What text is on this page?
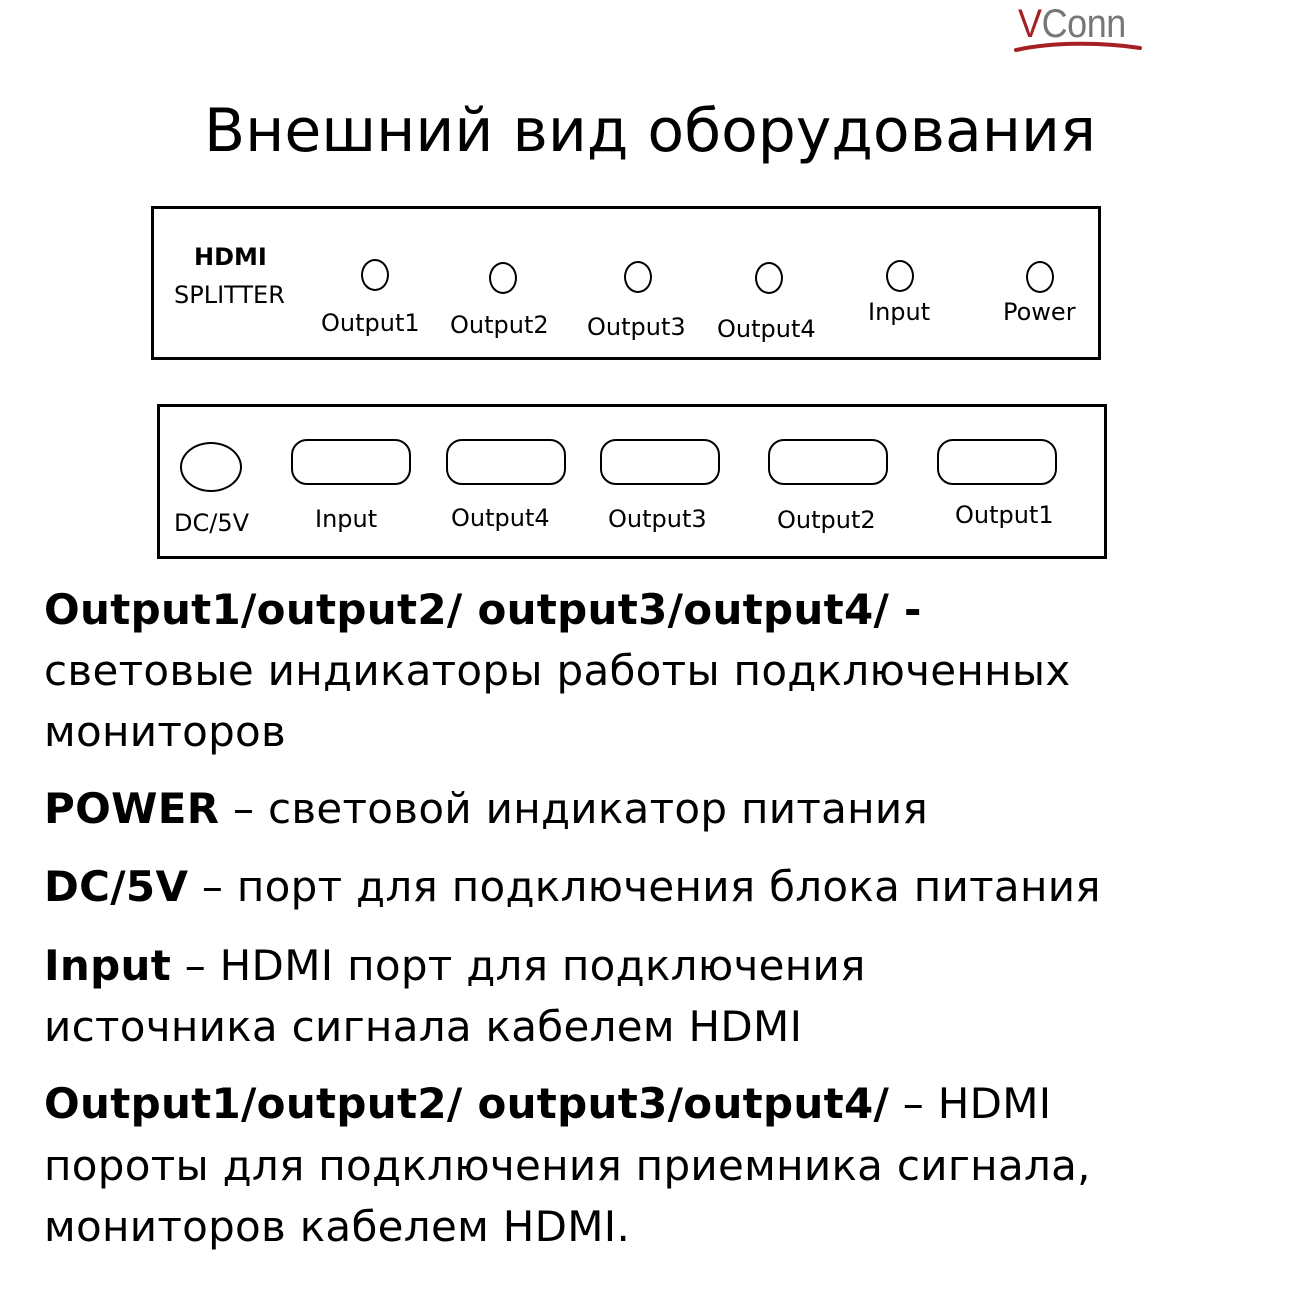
VConn
Внешний вид оборудования
HDMI
SPLITTER
Output1 Output2 Output3 Output4
Input	Power
DC/5V	Input	Output4 Output3	Output2	Output1
Output1/output2/ output3/output4/ -
световые индикаторы работы подключенных
мониторов
POWER – световой индикатор питания
DC/5V – порт для подключения блока питания
Input – HDMI порт для подключения
источника сигнала кабелем HDMI
Output1/output2/ output3/output4/ – HDMI
пороты для подключения приемника сигнала,
мониторов кабелем HDMI.
